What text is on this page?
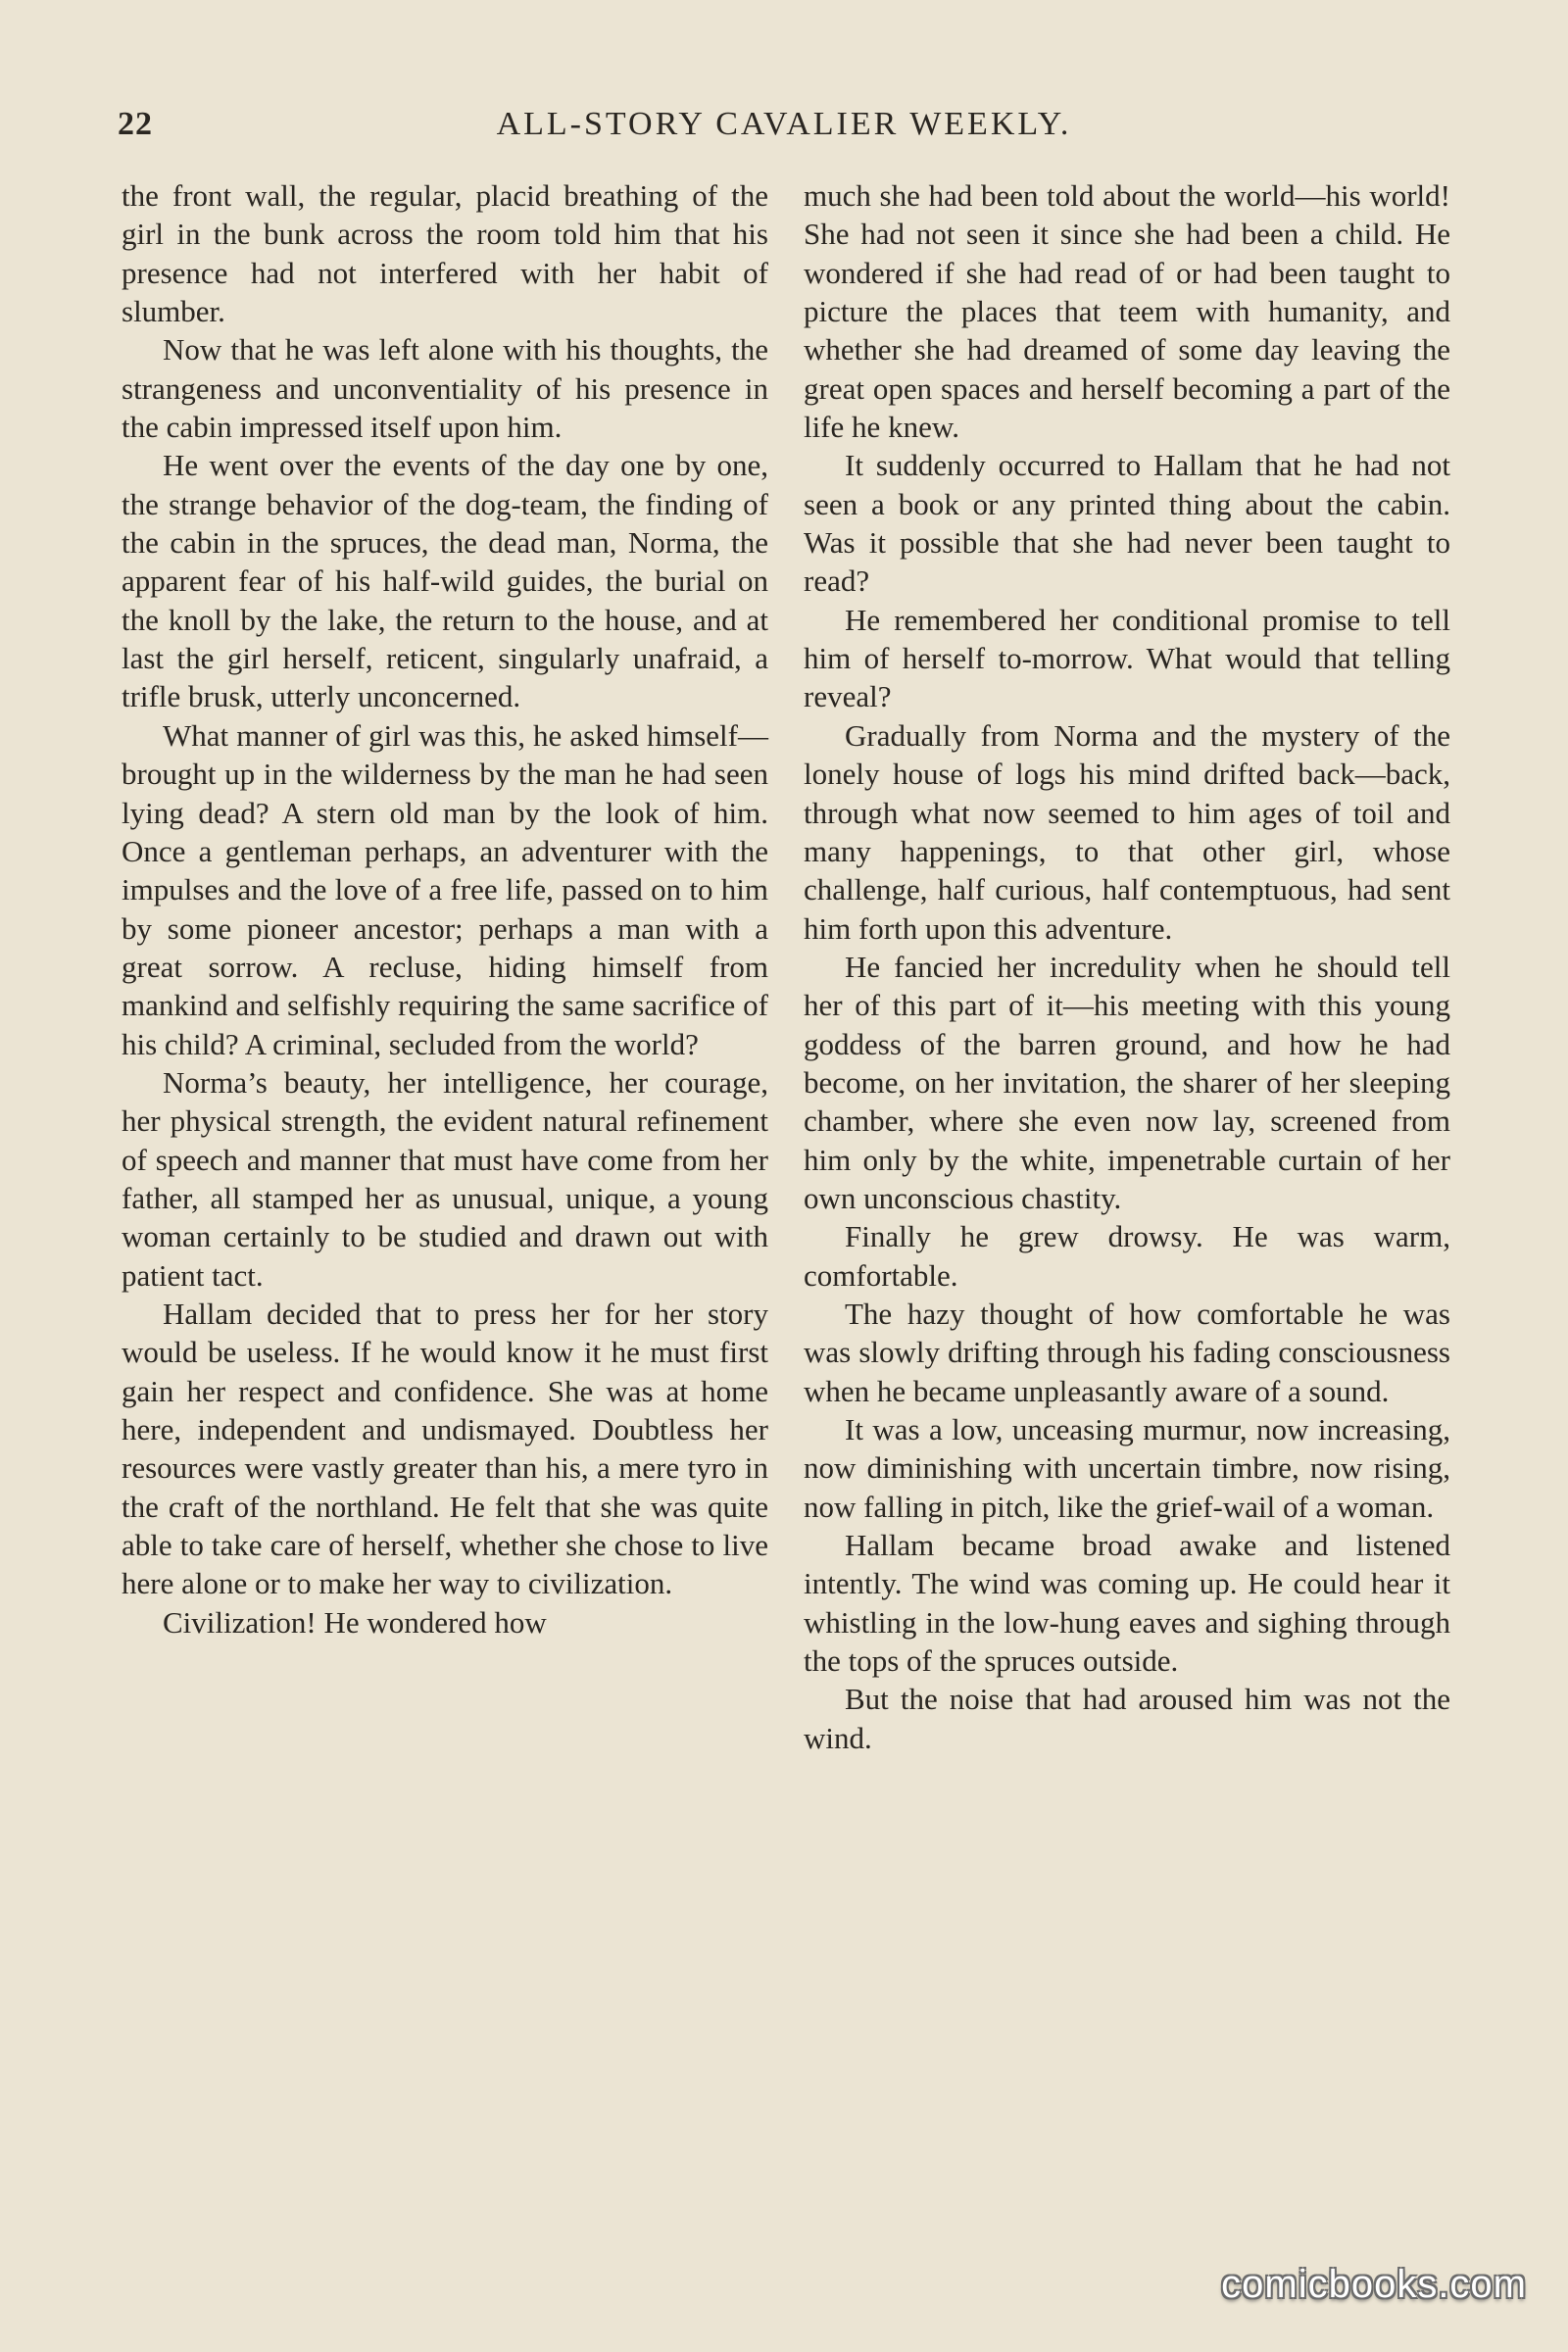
22	ALL-STORY CAVALIER WEEKLY.

the front wall, the regular, placid breathing of the girl in the bunk across the room told him that his presence had not interfered with her habit of slumber.

Now that he was left alone with his thoughts, the strangeness and unconventiality of his presence in the cabin impressed itself upon him.

He went over the events of the day one by one, the strange behavior of the dog-team, the finding of the cabin in the spruces, the dead man, Norma, the apparent fear of his half-wild guides, the burial on the knoll by the lake, the return to the house, and at last the girl herself, reticent, singularly unafraid, a trifle brusk, utterly unconcerned.

What manner of girl was this, he asked himself—brought up in the wilderness by the man he had seen lying dead? A stern old man by the look of him. Once a gentleman perhaps, an adventurer with the impulses and the love of a free life, passed on to him by some pioneer ancestor; perhaps a man with a great sorrow. A recluse, hiding himself from mankind and selfishly requiring the same sacrifice of his child? A criminal, secluded from the world?

Norma’s beauty, her intelligence, her courage, her physical strength, the evident natural refinement of speech and manner that must have come from her father, all stamped her as unusual, unique, a young woman certainly to be studied and drawn out with patient tact.

Hallam decided that to press her for her story would be useless. If he would know it he must first gain her respect and confidence. She was at home here, independent and undismayed. Doubtless her resources were vastly greater than his, a mere tyro in the craft of the northland. He felt that she was quite able to take care of herself, whether she chose to live here alone or to make her way to civilization.

Civilization! He wondered how

much she had been told about the world—his world! She had not seen it since she had been a child. He wondered if she had read of or had been taught to picture the places that teem with humanity, and whether she had dreamed of some day leaving the great open spaces and herself becoming a part of the life he knew.

It suddenly occurred to Hallam that he had not seen a book or any printed thing about the cabin. Was it possible that she had never been taught to read?

He remembered her conditional promise to tell him of herself to-morrow. What would that telling reveal?

Gradually from Norma and the mystery of the lonely house of logs his mind drifted back—back, through what now seemed to him ages of toil and many happenings, to that other girl, whose challenge, half curious, half contemptuous, had sent him forth upon this adventure.

He fancied her incredulity when he should tell her of this part of it—his meeting with this young goddess of the barren ground, and how he had become, on her invitation, the sharer of her sleeping chamber, where she even now lay, screened from him only by the white, impenetrable curtain of her own unconscious chastity.

Finally he grew drowsy. He was warm, comfortable.

The hazy thought of how comfortable he was was slowly drifting through his fading consciousness when he became unpleasantly aware of a sound.

It was a low, unceasing murmur, now increasing, now diminishing with uncertain timbre, now rising, now falling in pitch, like the grief-wail of a woman.

Hallam became broad awake and listened intently. The wind was coming up. He could hear it whistling in the low-hung eaves and sighing through the tops of the spruces outside.

But the noise that had aroused him was not the wind.

comicbooks.com
